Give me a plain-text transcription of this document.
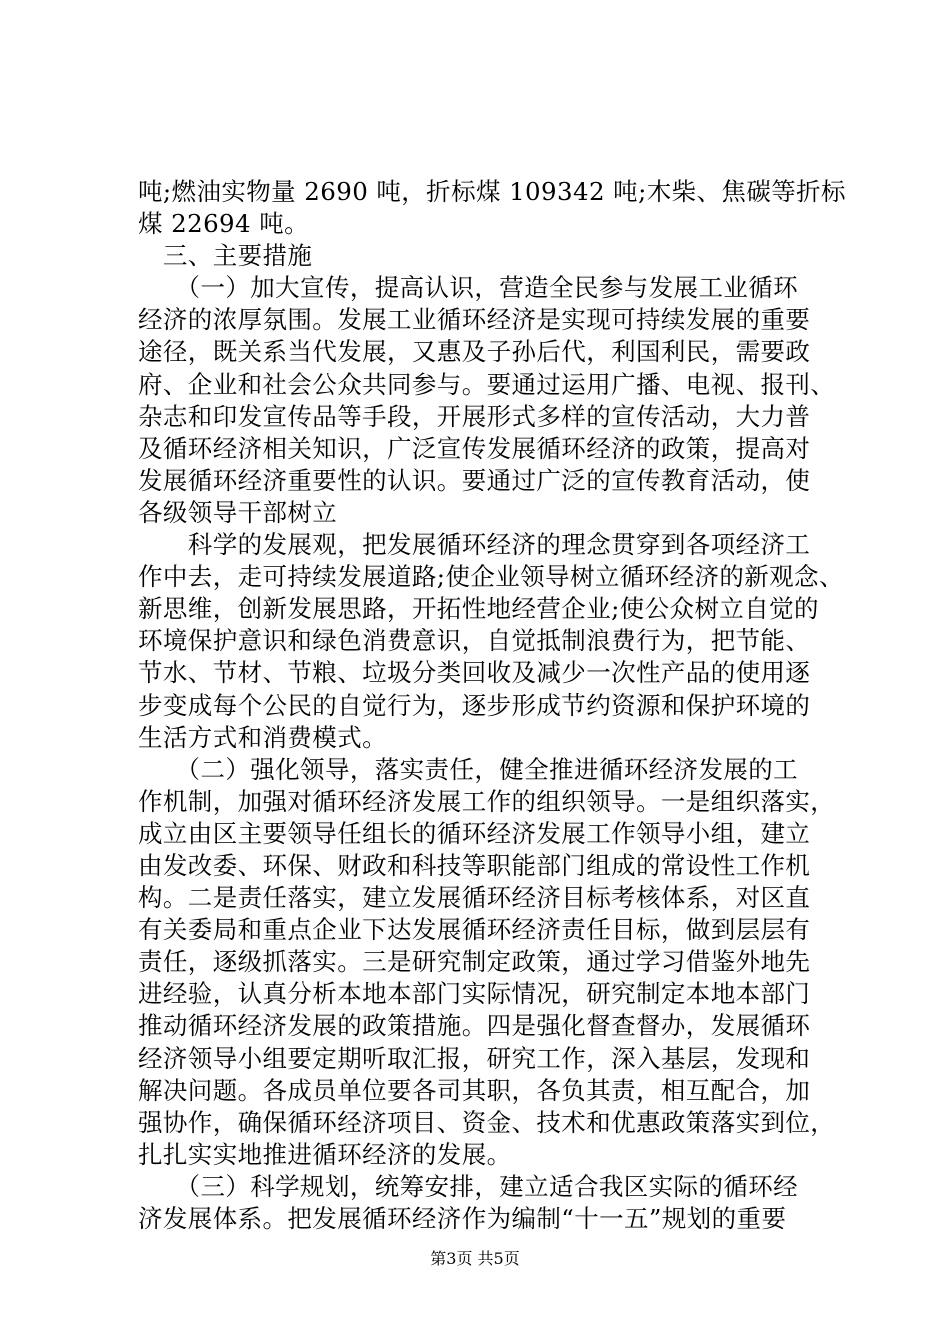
吨;燃油实物量 2690 吨，折标煤 109342 吨;木柴、焦碳等折标
煤 22694 吨。
　三、主要措施
　　（一）加大宣传，提高认识，营造全民参与发展工业循环
经济的浓厚氛围。发展工业循环经济是实现可持续发展的重要
途径，既关系当代发展，又惠及子孙后代，利国利民，需要政
府、企业和社会公众共同参与。要通过运用广播、电视、报刊、
杂志和印发宣传品等手段，开展形式多样的宣传活动，大力普
及循环经济相关知识，广泛宣传发展循环经济的政策，提高对
发展循环经济重要性的认识。要通过广泛的宣传教育活动，使
各级领导干部树立
　　科学的发展观，把发展循环经济的理念贯穿到各项经济工
作中去，走可持续发展道路;使企业领导树立循环经济的新观念、
新思维，创新发展思路，开拓性地经营企业;使公众树立自觉的
环境保护意识和绿色消费意识，自觉抵制浪费行为，把节能、
节水、节材、节粮、垃圾分类回收及减少一次性产品的使用逐
步变成每个公民的自觉行为，逐步形成节约资源和保护环境的
生活方式和消费模式。
　　（二）强化领导，落实责任，健全推进循环经济发展的工
作机制，加强对循环经济发展工作的组织领导。一是组织落实，
成立由区主要领导任组长的循环经济发展工作领导小组，建立
由发改委、环保、财政和科技等职能部门组成的常设性工作机
构。二是责任落实，建立发展循环经济目标考核体系，对区直
有关委局和重点企业下达发展循环经济责任目标，做到层层有
责任，逐级抓落实。三是研究制定政策，通过学习借鉴外地先
进经验，认真分析本地本部门实际情况，研究制定本地本部门
推动循环经济发展的政策措施。四是强化督查督办，发展循环
经济领导小组要定期听取汇报，研究工作，深入基层，发现和
解决问题。各成员单位要各司其职，各负其责，相互配合，加
强协作，确保循环经济项目、资金、技术和优惠政策落实到位，
扎扎实实地推进循环经济的发展。
　　（三）科学规划，统筹安排，建立适合我区实际的循环经
济发展体系。把发展循环经济作为编制“十一五”规划的重要
第3页 共5页
